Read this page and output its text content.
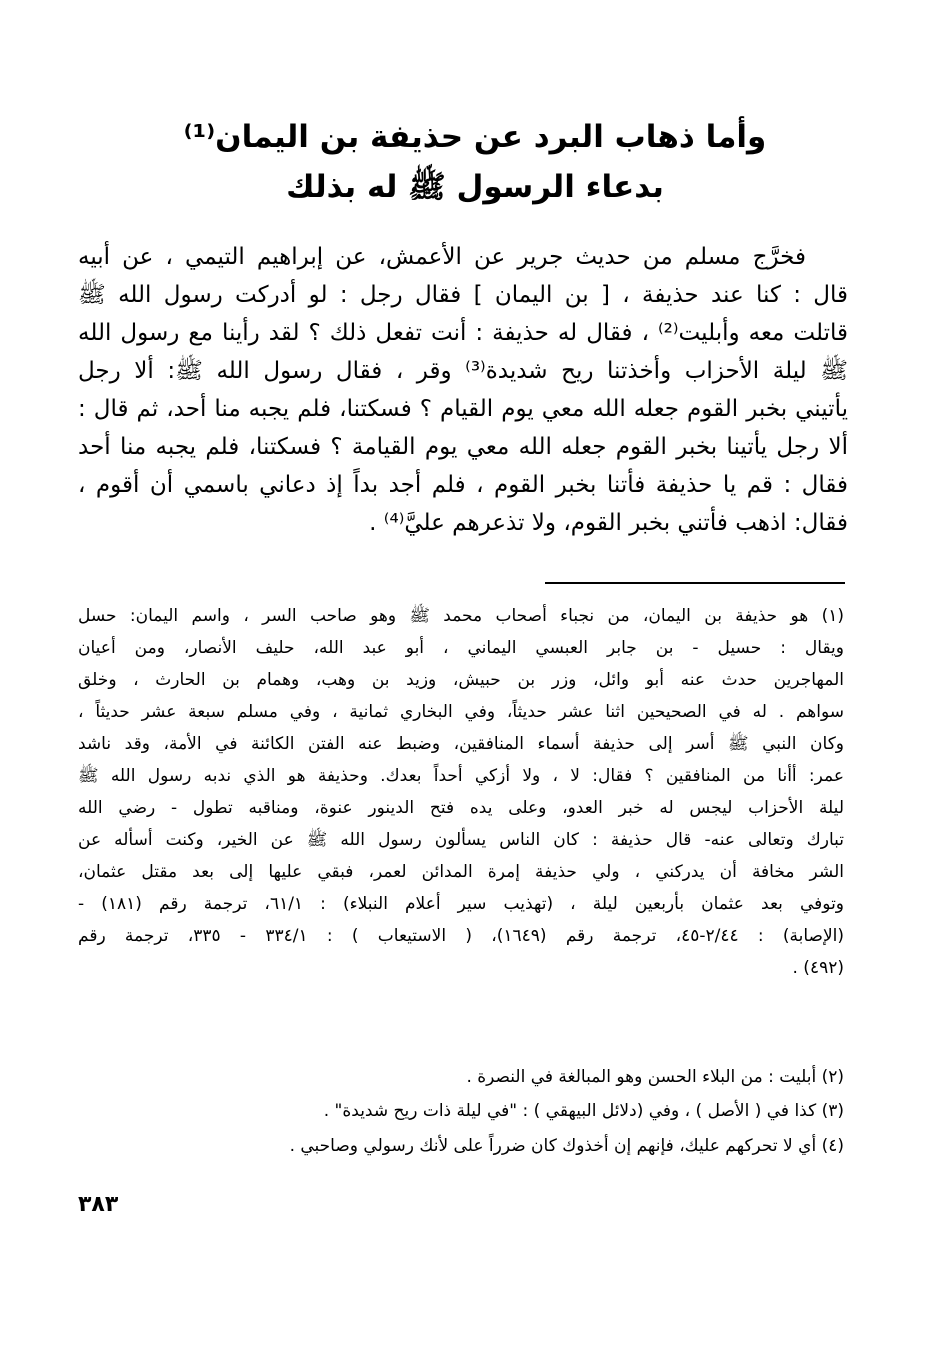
وأما ذهاب البرد عن حذيفة بن اليمان⁽¹⁾
بدعاء الرسول ﷺ له بذلك
فخرَّج مسلم من حديث جرير عن الأعمش، عن إبراهيم التيمي ، عن أبيه
قال : كنا عند حذيفة ، [ بن اليمان ] فقال رجل : لو أدركت رسول الله ﷺ
قاتلت معه وأبليت⁽²⁾ ، فقال له حذيفة : أنت تفعل ذلك ؟ لقد رأينا مع رسول الله
ﷺ ليلة الأحزاب وأخذتنا ريح شديدة⁽³⁾ وقر ، فقال رسول الله ﷺ: ألا رجل
يأتيني بخبر القوم جعله الله معي يوم القيام ؟ فسكتنا، فلم يجبه منا أحد، ثم قال :
ألا رجل يأتينا بخبر القوم جعله الله معي يوم القيامة ؟ فسكتنا، فلم يجبه منا أحد
فقال : قم يا حذيفة فأتنا بخبر القوم ، فلم أجد بداً إذ دعاني باسمي أن أقوم ،
فقال: اذهب فأتني بخبر القوم، ولا تذعرهم عليَّ⁽⁴⁾ .
(١) هو حذيفة بن اليمان، من نجباء أصحاب محمد ﷺ وهو صاحب السر ، واسم اليمان: حسل
ويقال : حسيل - بن جابر العبسي اليماني ، أبو عبد الله، حليف الأنصار، ومن أعيان
المهاجرين حدث عنه أبو وائل، وزر بن حبيش، وزيد بن وهب، وهمام بن الحارث ، وخلق
سواهم . له في الصحيحين اثنا عشر حديثاً، وفي البخاري ثمانية ، وفي مسلم سبعة عشر حديثاً ،
وكان النبي ﷺ أسر إلى حذيفة أسماء المنافقين، وضبط عنه الفتن الكائنة في الأمة، وقد ناشد
عمر: أأنا من المنافقين ؟ فقال: لا ، ولا أزكي أحداً بعدك. وحذيفة هو الذي ندبه رسول الله ﷺ
ليلة الأحزاب ليجس له خبر العدو، وعلى يده فتح الدينور عنوة، ومناقبه تطول - رضي الله
تبارك وتعالى عنه- قال حذيفة : كان الناس يسألون رسول الله ﷺ عن الخير، وكنت أسأله عن
الشر مخافة أن يدركني ، ولي حذيفة إمرة المدائن لعمر، فبقي عليها إلى بعد مقتل عثمان،
وتوفي بعد عثمان بأربعين ليلة ، (تهذيب سير أعلام النبلاء) : ٦١/١، ترجمة رقم (١٨١) -
(الإصابة) : ٢/٤٤-٤٥، ترجمة رقم (١٦٤٩)، ( الاستيعاب ) : ٣٣٤/١ - ٣٣٥، ترجمة رقم
(٤٩٢) .
(٢) أبليت : من البلاء الحسن وهو المبالغة في النصرة .
(٣) كذا في ( الأصل ) ، وفي (دلائل البيهقي ) : "في ليلة ذات ريح شديدة" .
(٤) أي لا تحركهم عليك، فإنهم إن أخذوك كان ضرراً على لأنك رسولي وصاحبي .
٣٨٣
